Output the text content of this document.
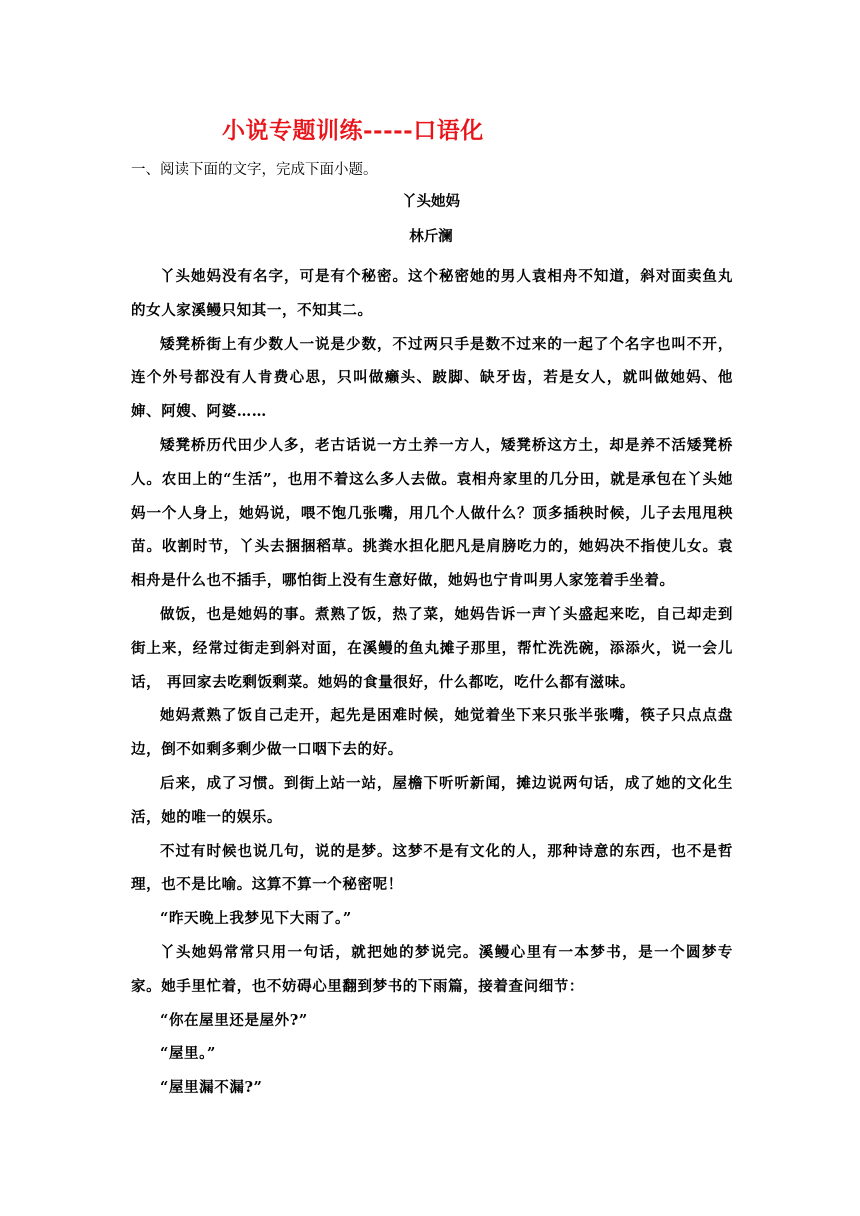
小说专题训练-----口语化
一、阅读下面的文字，完成下面小题。
丫头她妈
林斤澜

丫头她妈没有名字，可是有个秘密。这个秘密她的男人袁相舟不知道，斜对面卖鱼丸的女人家溪鳗只知其一，不知其二。

矮凳桥街上有少数人一说是少数，不过两只手是数不过来的一起了个名字也叫不开，连个外号都没有人肯费心思，只叫做癞头、跛脚、缺牙齿，若是女人，就叫做她妈、他婶、阿嫂、阿婆……

矮凳桥历代田少人多，老古话说一方土养一方人，矮凳桥这方土，却是养不活矮凳桥人。农田上的“生活”，也用不着这么多人去做。袁相舟家里的几分田，就是承包在丫头她妈一个人身上，她妈说，喂不饱几张嘴，用几个人做什么？顶多插秧时候，儿子去甩甩秧苗。收割时节，丫头去捆捆稻草。挑粪水担化肥凡是肩膀吃力的，她妈决不指使儿女。袁相舟是什么也不插手，哪怕街上没有生意好做，她妈也宁肯叫男人家笼着手坐着。

做饭，也是她妈的事。煮熟了饭，热了菜，她妈告诉一声丫头盛起来吃，自己却走到街上来，经常过街走到斜对面，在溪鳗的鱼丸摊子那里，帮忙洗洗碗，添添火，说一会儿话， 再回家去吃剩饭剩菜。她妈的食量很好，什么都吃，吃什么都有滋味。

她妈煮熟了饭自己走开，起先是困难时候，她觉着坐下来只张半张嘴，筷子只点点盘边，倒不如剩多剩少做一口咽下去的好。

后来，成了习惯。到街上站一站，屋檐下听听新闻，摊边说两句话，成了她的文化生活，她的唯一的娱乐。

不过有时候也说几句，说的是梦。这梦不是有文化的人，那种诗意的东西，也不是哲理，也不是比喻。这算不算一个秘密呢！

“昨天晚上我梦见下大雨了。”

丫头她妈常常只用一句话，就把她的梦说完。溪鳗心里有一本梦书，是一个圆梦专家。她手里忙着，也不妨碍心里翻到梦书的下雨篇，接着查问细节：

“你在屋里还是屋外?”

“屋里。”

“屋里漏不漏?”
